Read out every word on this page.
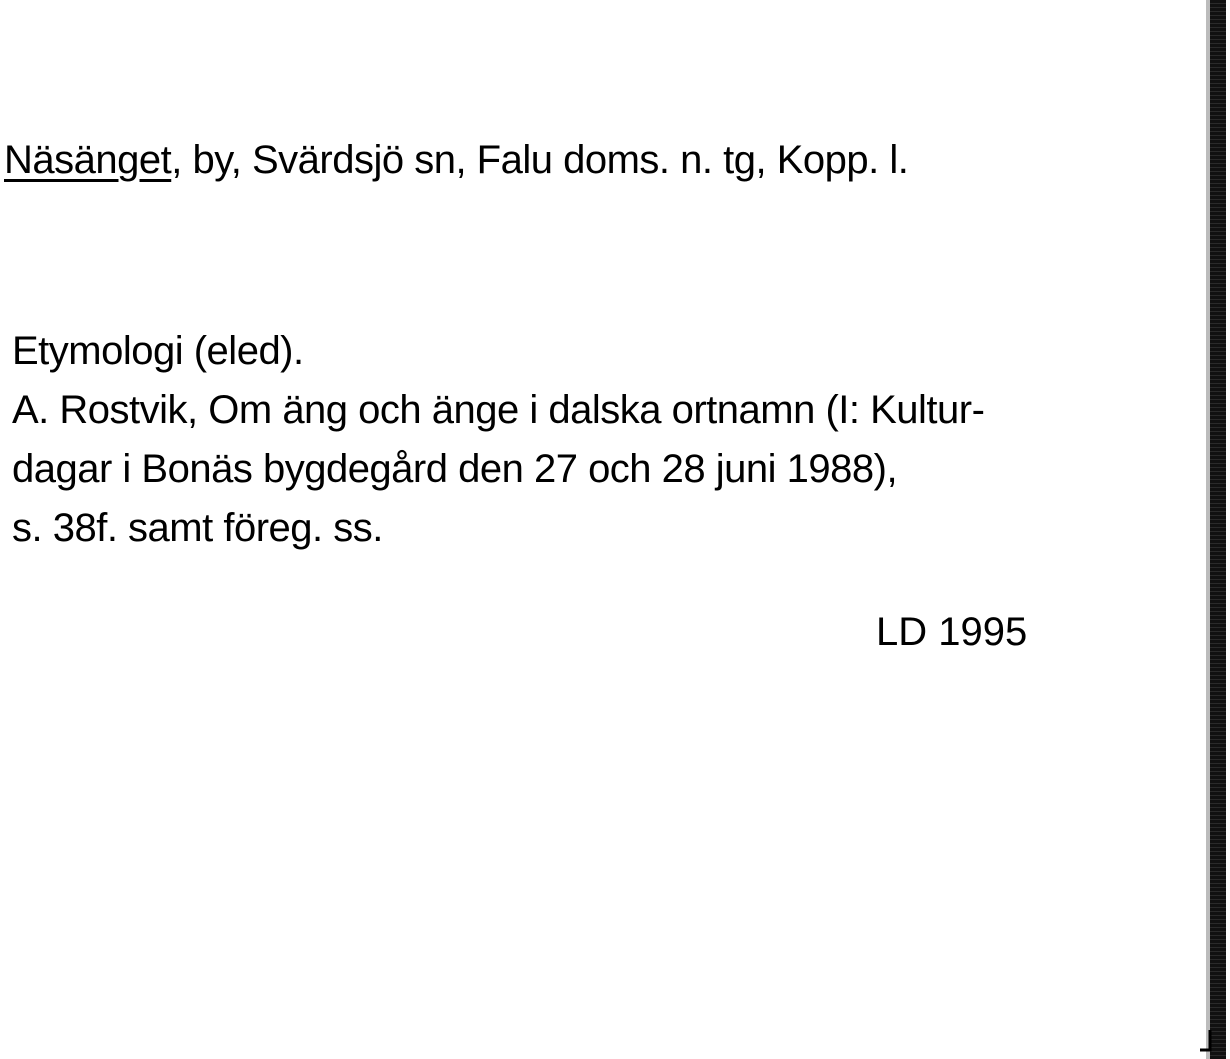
Näsänget, by, Svärdsjö sn, Falu doms. n. tg, Kopp. l.
Etymologi (eled).
A. Rostvik, Om äng och änge i dalska ortnamn (I: Kultur-
dagar i Bonäs bygdegård den 27 och 28 juni 1988),
s. 38f. samt föreg. ss.
LD 1995
